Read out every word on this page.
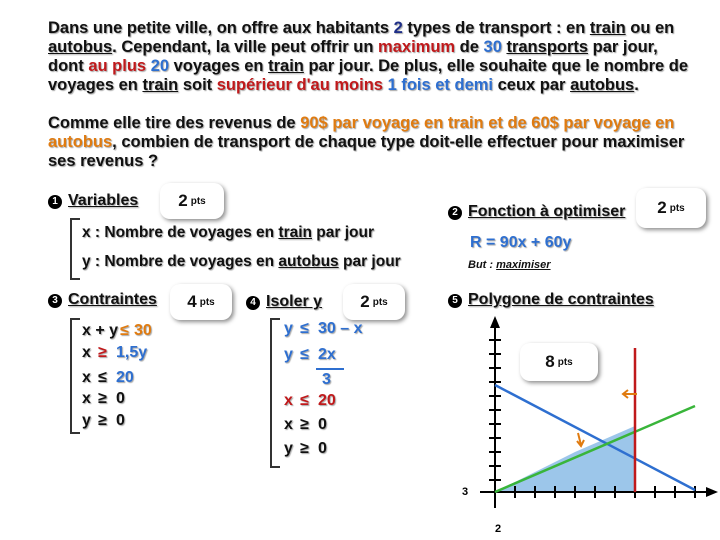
Dans une petite ville, on offre aux habitants 2 types de transport : en train ou en autobus. Cependant, la ville peut offrir un maximum de 30 transports par jour, dont au plus 20 voyages en train par jour. De plus, elle souhaite que le nombre de voyages en train soit supérieur d'au moins 1 fois et demi ceux par autobus.
Comme elle tire des revenus de 90$ par voyage en train et de 60$ par voyage en autobus, combien de transport de chaque type doit-elle effectuer pour maximiser ses revenus ?
1 Variables 2 pts
x : Nombre de voyages en train par jour
y : Nombre de voyages en autobus par jour
2 Fonction à optimiser 2 pts
R = 90x + 60y
But : maximiser
3 Contraintes 4 pts
x + y ≤ 30
x ≥ 1,5y
x ≤ 20
x ≥ 0
y ≥ 0
4 Isoler y 2 pts
y ≤ 30 – x
y ≤ 2x
3
x ≤ 20
x ≥ 0
y ≥ 0
5 Polygone de contraintes
3
2
8 pts
